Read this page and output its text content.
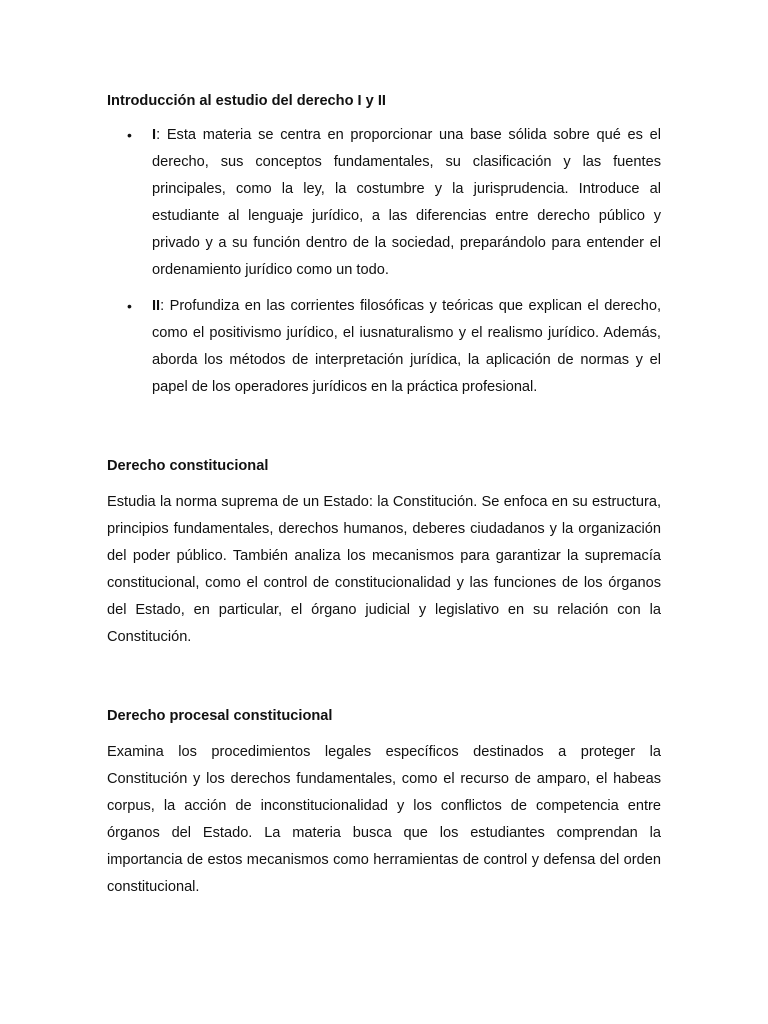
Introducción al estudio del derecho I y II

• I: Esta materia se centra en proporcionar una base sólida sobre qué es el derecho, sus conceptos fundamentales, su clasificación y las fuentes principales, como la ley, la costumbre y la jurisprudencia. Introduce al estudiante al lenguaje jurídico, a las diferencias entre derecho público y privado y a su función dentro de la sociedad, preparándolo para entender el ordenamiento jurídico como un todo.
• II: Profundiza en las corrientes filosóficas y teóricas que explican el derecho, como el positivismo jurídico, el iusnaturalismo y el realismo jurídico. Además, aborda los métodos de interpretación jurídica, la aplicación de normas y el papel de los operadores jurídicos en la práctica profesional.

Derecho constitucional

Estudia la norma suprema de un Estado: la Constitución. Se enfoca en su estructura, principios fundamentales, derechos humanos, deberes ciudadanos y la organización del poder público. También analiza los mecanismos para garantizar la supremacía constitucional, como el control de constitucionalidad y las funciones de los órganos del Estado, en particular, el órgano judicial y legislativo en su relación con la Constitución.

Derecho procesal constitucional

Examina los procedimientos legales específicos destinados a proteger la Constitución y los derechos fundamentales, como el recurso de amparo, el habeas corpus, la acción de inconstitucionalidad y los conflictos de competencia entre órganos del Estado. La materia busca que los estudiantes comprendan la importancia de estos mecanismos como herramientas de control y defensa del orden constitucional.
